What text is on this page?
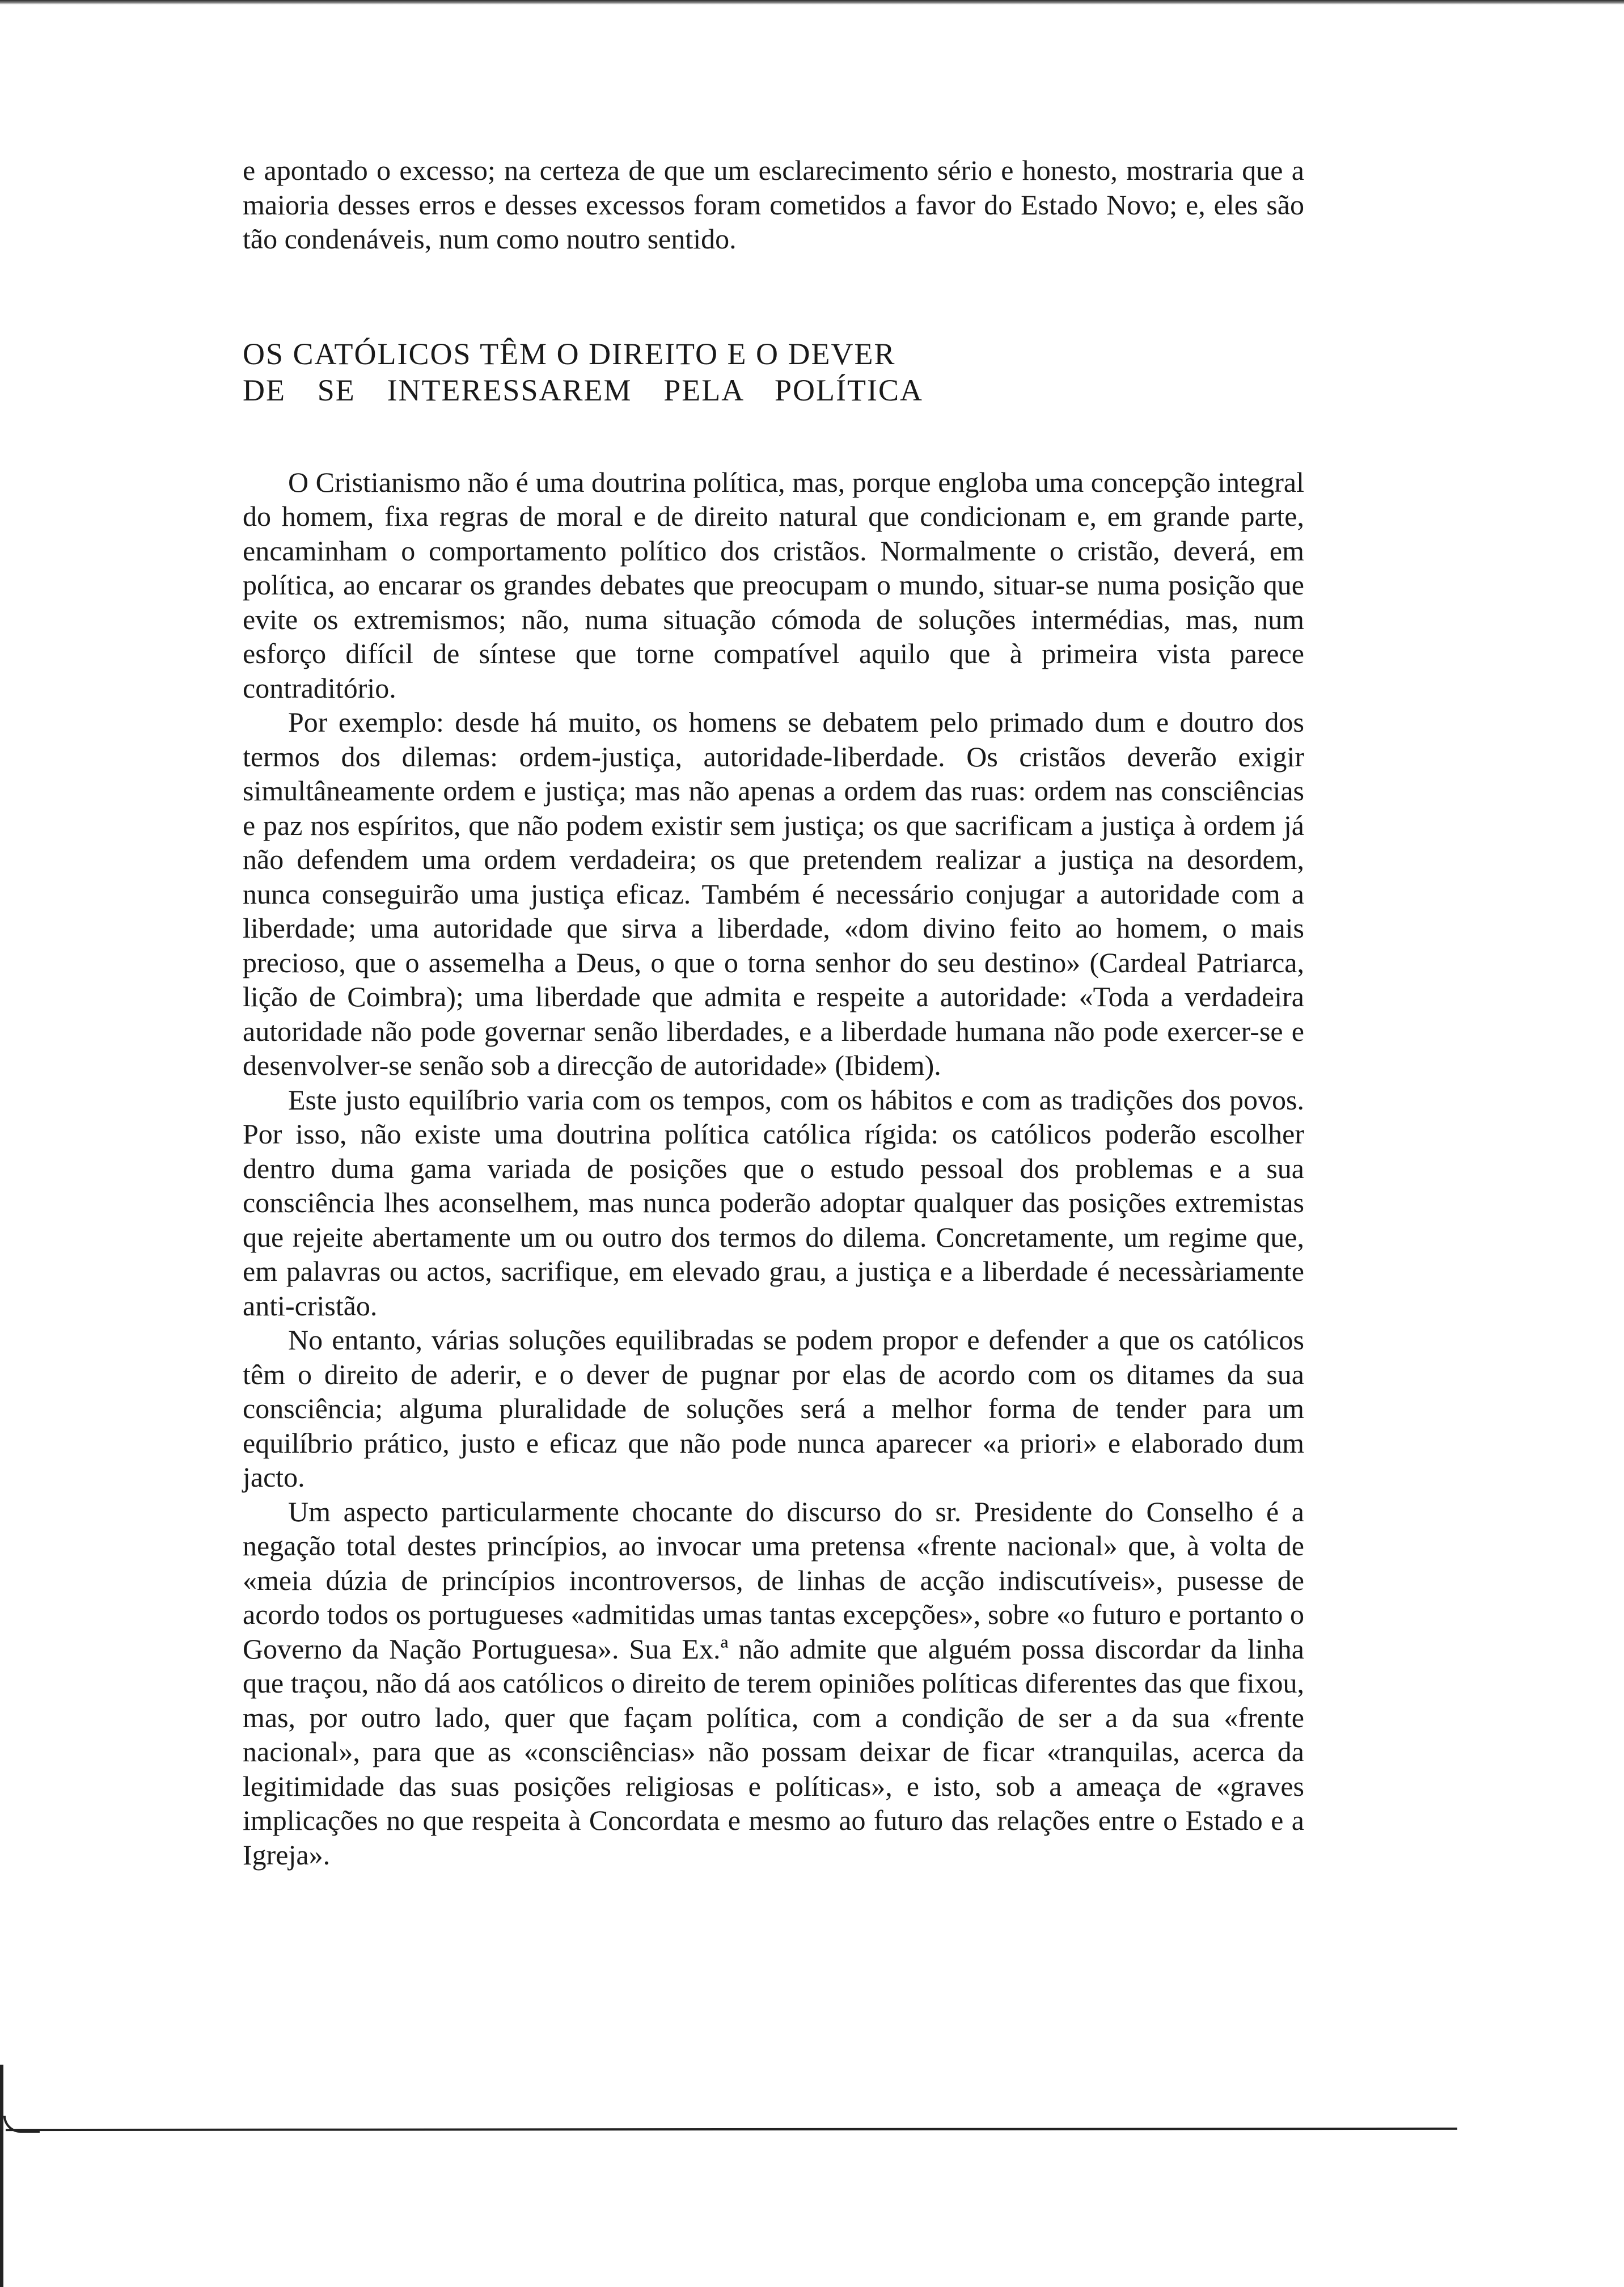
e apontado o excesso; na certeza de que um esclarecimento sério e honesto, mostraria que a maioria desses erros e desses excessos foram cometidos a favor do Estado Novo; e, eles são tão condenáveis, num como noutro sentido.

OS CATÓLICOS TÊM O DIREITO E O DEVER
DE SE INTERESSAREM PELA POLÍTICA

O Cristianismo não é uma doutrina política, mas, porque engloba uma concepção integral do homem, fixa regras de moral e de direito natural que condicionam e, em grande parte, encaminham o comportamento político dos cristãos. Normalmente o cristão, deverá, em política, ao encarar os grandes debates que preocupam o mundo, situar-se numa posição que evite os extremismos; não, numa situação cómoda de soluções intermédias, mas, num esforço difícil de síntese que torne compatível aquilo que à primeira vista parece contraditório.

Por exemplo: desde há muito, os homens se debatem pelo primado dum e doutro dos termos dos dilemas: ordem-justiça, autoridade-liberdade. Os cristãos deverão exigir simultâneamente ordem e justiça; mas não apenas a ordem das ruas: ordem nas consciências e paz nos espíritos, que não podem existir sem justiça; os que sacrificam a justiça à ordem já não defendem uma ordem verdadeira; os que pretendem realizar a justiça na desordem, nunca conseguirão uma justiça eficaz. Também é necessário conjugar a autoridade com a liberdade; uma autoridade que sirva a liberdade, «dom divino feito ao homem, o mais precioso, que o assemelha a Deus, o que o torna senhor do seu destino» (Cardeal Patriarca, lição de Coimbra); uma liberdade que admita e respeite a autoridade: «Toda a verdadeira autoridade não pode governar senão liberdades, e a liberdade humana não pode exercer-se e desenvolver-se senão sob a direcção de autoridade» (Ibidem).

Este justo equilíbrio varia com os tempos, com os hábitos e com as tradições dos povos. Por isso, não existe uma doutrina política católica rígida: os católicos poderão escolher dentro duma gama variada de posições que o estudo pessoal dos problemas e a sua consciência lhes aconselhem, mas nunca poderão adoptar qualquer das posições extremistas que rejeite abertamente um ou outro dos termos do dilema. Concretamente, um regime que, em palavras ou actos, sacrifique, em elevado grau, a justiça e a liberdade é necessàriamente anti-cristão.

No entanto, várias soluções equilibradas se podem propor e defender a que os católicos têm o direito de aderir, e o dever de pugnar por elas de acordo com os ditames da sua consciência; alguma pluralidade de soluções será a melhor forma de tender para um equilíbrio prático, justo e eficaz que não pode nunca aparecer «a priori» e elaborado dum jacto.

Um aspecto particularmente chocante do discurso do sr. Presidente do Conselho é a negação total destes princípios, ao invocar uma pretensa «frente nacional» que, à volta de «meia dúzia de princípios incontroversos, de linhas de acção indiscutíveis», pusesse de acordo todos os portugueses «admitidas umas tantas excepções», sobre «o futuro e portanto o Governo da Nação Portuguesa». Sua Ex.ª não admite que alguém possa discordar da linha que traçou, não dá aos católicos o direito de terem opiniões políticas diferentes das que fixou, mas, por outro lado, quer que façam política, com a condição de ser a da sua «frente nacional», para que as «consciências» não possam deixar de ficar «tranquilas, acerca da legitimidade das suas posições religiosas e políticas», e isto, sob a ameaça de «graves implicações no que respeita à Concordata e mesmo ao futuro das relações entre o Estado e a Igreja».
